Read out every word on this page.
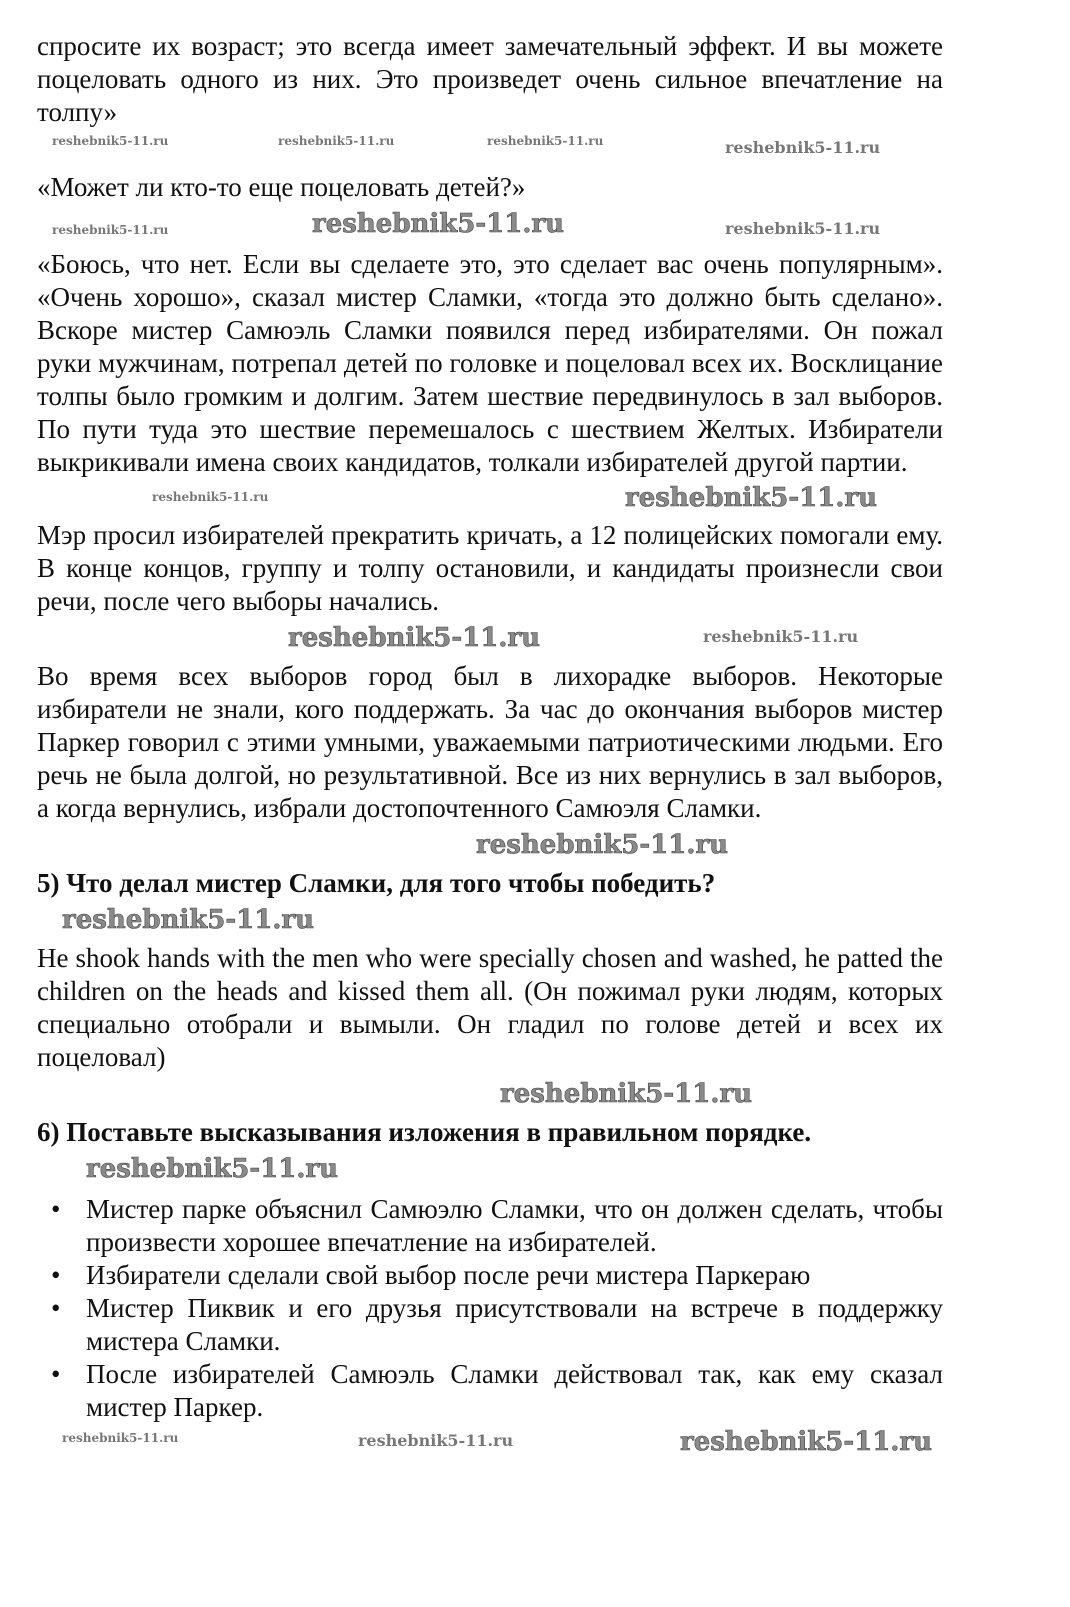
спросите их возраст; это всегда имеет замечательный эффект. И вы можете поцеловать одного из них. Это произведет очень сильное впечатление на толпу»

reshebnik5-11.ru	reshebnik5-11.ru	reshebnik5-11.ru	reshebnik5-11.ru

«Может ли кто-то еще поцеловать детей?»

reshebnik5-11.ru	reshebnik5-11.ru	reshebnik5-11.ru

«Боюсь, что нет. Если вы сделаете это, это сделает вас очень популярным». «Очень хорошо», сказал мистер Сламки, «тогда это должно быть сделано». Вскоре мистер Самюэль Сламки появился перед избирателями. Он пожал руки мужчинам, потрепал детей по головке и поцеловал всех их. Восклицание толпы было громким и долгим. Затем шествие передвинулось в зал выборов. По пути туда это шествие перемешалось с шествием Желтых. Избиратели выкрикивали имена своих кандидатов, толкали избирателей другой партии.

reshebnik5-11.ru	reshebnik5-11.ru

Мэр просил избирателей прекратить кричать, а 12 полицейских помогали ему. В конце концов, группу и толпу остановили, и кандидаты произнесли свои речи, после чего выборы начались.

reshebnik5-11.ru	reshebnik5-11.ru

Во время всех выборов город был в лихорадке выборов. Некоторые избиратели не знали, кого поддержать. За час до окончания выборов мистер Паркер говорил с этими умными, уважаемыми патриотическими людьми. Его речь не была долгой, но результативной. Все из них вернулись в зал выборов, а когда вернулись, избрали достопочтенного Самюэля Сламки.

reshebnik5-11.ru
5) Что делал мистер Сламки, для того чтобы победить?
reshebnik5-11.ru

He shook hands with the men who were specially chosen and washed, he patted the children on the heads and kissed them all. (Он пожимал руки людям, которых специально отобрали и вымыли. Он гладил по голове детей и всех их поцеловал)

reshebnik5-11.ru
6) Поставьте высказывания изложения в правильном порядке.
reshebnik5-11.ru
• Мистер парке объяснил Самюэлю Сламки, что он должен сделать, чтобы произвести хорошее впечатление на избирателей.
• Избиратели сделали свой выбор после речи мистера Паркераю
• Мистер Пиквик и его друзья присутствовали на встрече в поддержку мистера Сламки.
• После избирателей Самюэль Сламки действовал так, как ему сказал мистер Паркер.
reshebnik5-11.ru	reshebnik5-11.ru	reshebnik5-11.ru
